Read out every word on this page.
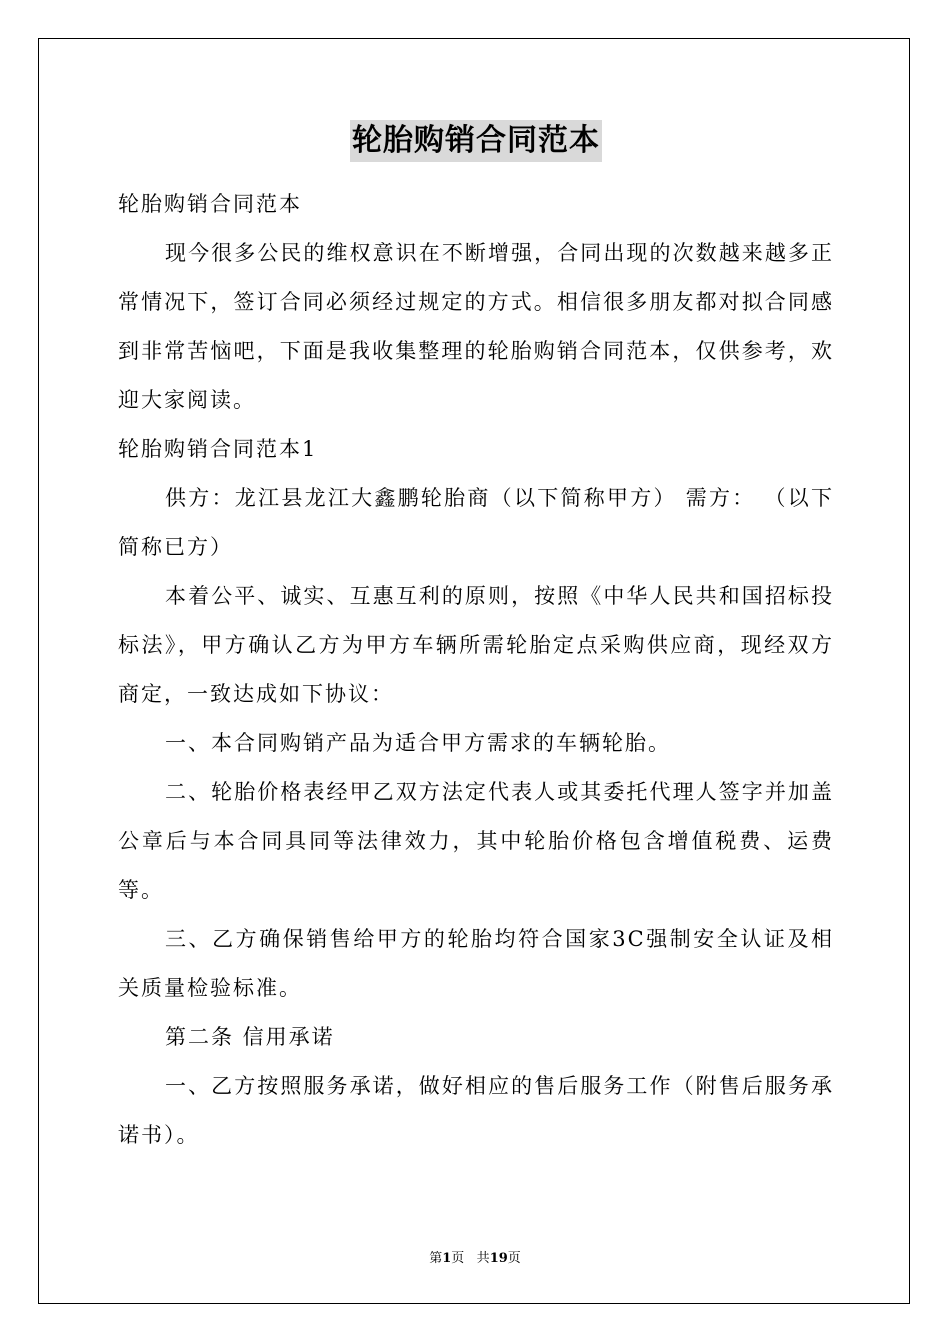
轮胎购销合同范本

轮胎购销合同范本

现今很多公民的维权意识在不断增强，合同出现的次数越来越多正常情况下，签订合同必须经过规定的方式。相信很多朋友都对拟合同感到非常苦恼吧，下面是我收集整理的轮胎购销合同范本，仅供参考，欢迎大家阅读。

轮胎购销合同范本1

供方：龙江县龙江大鑫鹏轮胎商（以下简称甲方） 需方： （以下简称已方）

本着公平、诚实、互惠互利的原则，按照《中华人民共和国招标投标法》，甲方确认乙方为甲方车辆所需轮胎定点采购供应商，现经双方商定，一致达成如下协议：

一、本合同购销产品为适合甲方需求的车辆轮胎。

二、轮胎价格表经甲乙双方法定代表人或其委托代理人签字并加盖公章后与本合同具同等法律效力，其中轮胎价格包含增值税费、运费等。

三、乙方确保销售给甲方的轮胎均符合国家3C强制安全认证及相关质量检验标准。

第二条 信用承诺

一、乙方按照服务承诺，做好相应的售后服务工作（附售后服务承诺书）。

第1页 共19页
